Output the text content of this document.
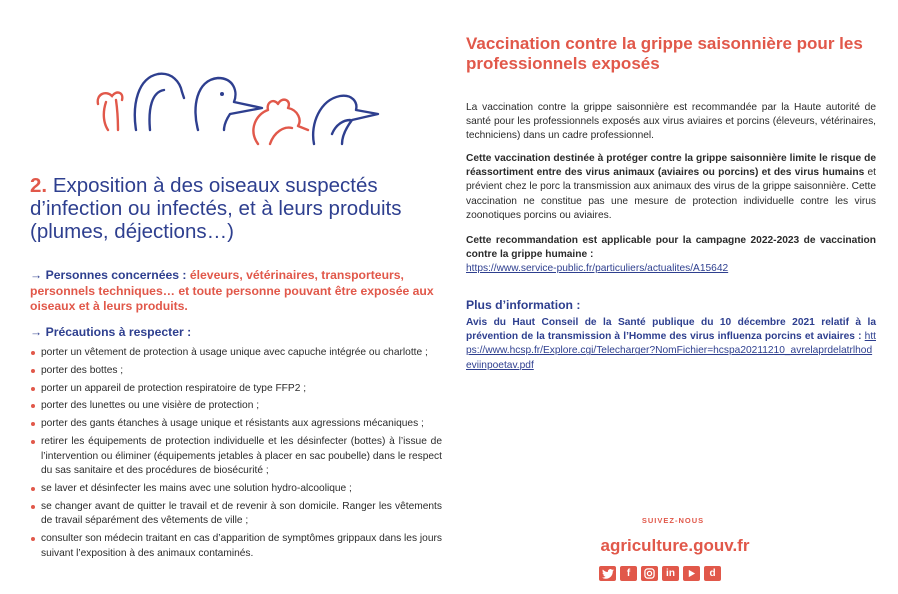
2. Exposition à des oiseaux suspectés d’infection ou infectés, et à leurs produits (plumes, déjections…)
→ Personnes concernées : éleveurs, vétérinaires, transporteurs, personnels techniques… et toute personne pouvant être exposée aux oiseaux et à leurs produits.
→ Précautions à respecter :
porter un vêtement de protection à usage unique avec capuche intégrée ou charlotte ;
porter des bottes ;
porter un appareil de protection respiratoire de type FFP2 ;
porter des lunettes ou une visière de protection ;
porter des gants étanches à usage unique et résistants aux agressions mécaniques ;
retirer les équipements de protection individuelle et les désinfecter (bottes) à l’issue de l’intervention ou éliminer (équipements jetables à placer en sac poubelle) dans le respect du sas sanitaire et des procédures de biosécurité ;
se laver et désinfecter les mains avec une solution hydro-alcoolique ;
se changer avant de quitter le travail et de revenir à son domicile. Ranger les vêtements de travail séparément des vêtements de ville ;
consulter son médecin traitant en cas d’apparition de symptômes grippaux dans les jours suivant l’exposition à des animaux contaminés.
Vaccination contre la grippe saisonnière pour les professionnels exposés
La vaccination contre la grippe saisonnière est recommandée par la Haute autorité de santé pour les professionnels exposés aux virus aviaires et porcins (éleveurs, vétérinaires, techniciens) dans un cadre professionnel.
Cette vaccination destinée à protéger contre la grippe saisonnière limite le risque de réassortiment entre des virus animaux (aviaires ou porcins) et des virus humains et prévient chez le porc la transmission aux animaux des virus de la grippe saisonnière. Cette vaccination ne constitue pas une mesure de protection individuelle contre les virus zoonotiques porcins ou aviaires.
Cette recommandation est applicable pour la campagne 2022-2023 de vaccination contre la grippe humaine :
https://www.service-public.fr/particuliers/actualites/A15642
Plus d’information :
Avis du Haut Conseil de la Santé publique du 10 décembre 2021 relatif à la prévention de la transmission à l’Homme des virus influenza porcins et aviaires : https://www.hcsp.fr/Explore.cgi/Telecharger?NomFichier=hcspa20211210_avrelaprdelatrlhodeviinpoetav.pdf
SUIVEZ-NOUS
agriculture.gouv.fr
f	in	d
